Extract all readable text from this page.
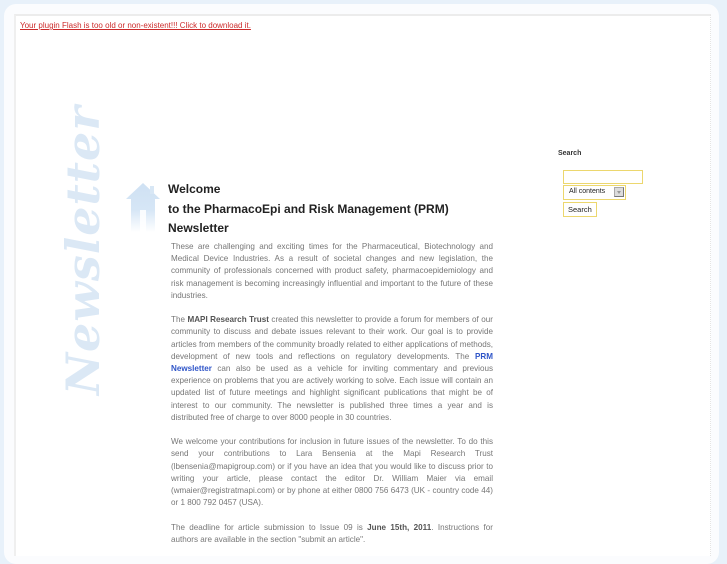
Your plugin Flash is too old or non-existent!!! Click to download it.
Newsletter	Welcome
to the PharmacoEpi and Risk Management (PRM)
Newsletter

These are challenging and exciting times for the Pharmaceutical, Biotechnology and Medical Device Industries. As a result of societal changes and new legislation, the community of professionals concerned with product safety, pharmacoepidemiology and risk management is becoming increasingly influential and important to the future of these industries.

The MAPI Research Trust created this newsletter to provide a forum for members of our community to discuss and debate issues relevant to their work. Our goal is to provide articles from members of the community broadly related to either applications of methods, development of new tools and reflections on regulatory developments. The PRM Newsletter can also be used as a vehicle for inviting commentary and previous experience on problems that you are actively working to solve. Each issue will contain an updated list of future meetings and highlight significant publications that might be of interest to our community. The newsletter is published three times a year and is distributed free of charge to over 8000 people in 30 countries.

We welcome your contributions for inclusion in future issues of the newsletter. To do this send your contributions to Lara Bensenia at the Mapi Research Trust (lbensenia@mapigroup.com) or if you have an idea that you would like to discuss prior to writing your article, please contact the editor Dr. William Maier via email (wmaier@registratmapi.com) or by phone at either 0800 756 6473 (UK - country code 44) or 1 800 792 0457 (USA).

The deadline for article submission to Issue 09 is June 15th, 2011. Instructions for authors are available in the section "submit an article".

Search
All contents
Search
